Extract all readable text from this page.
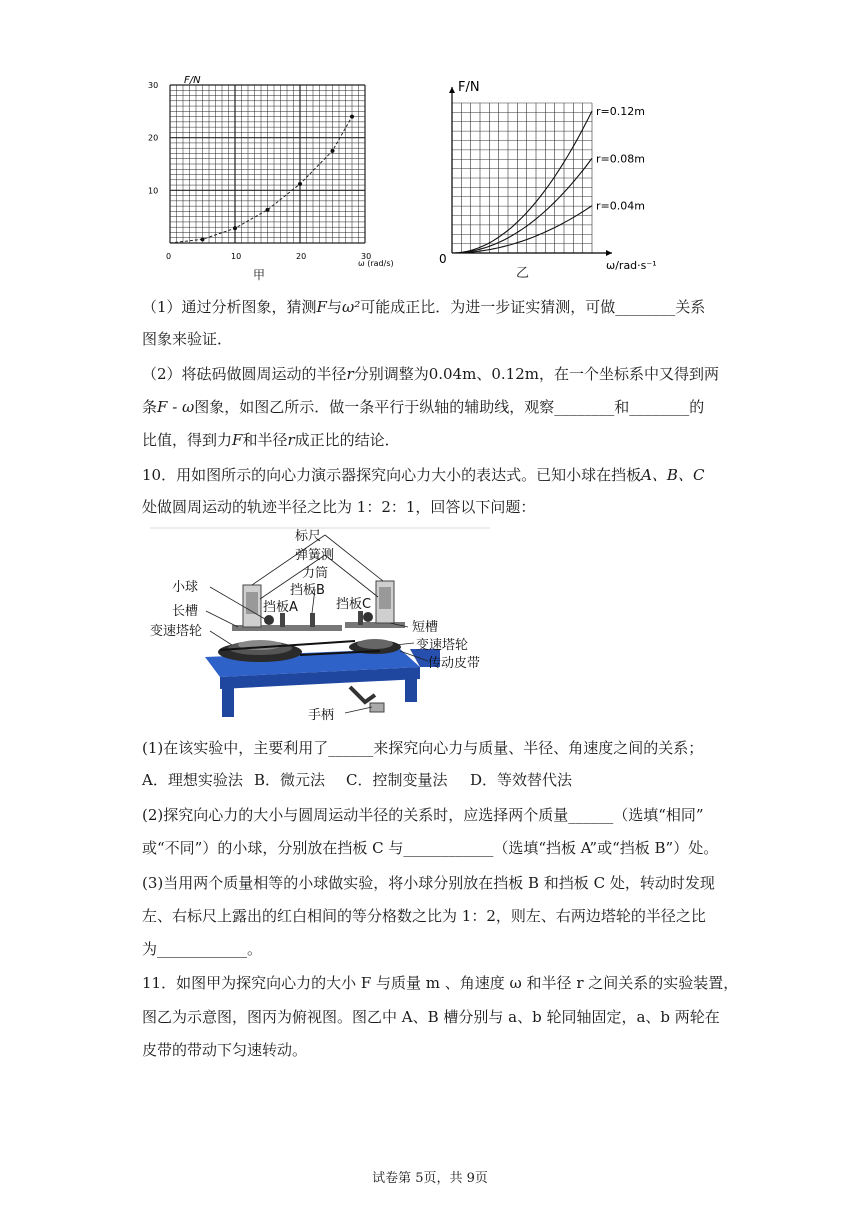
0	10	20	30
10
20
30	F/N
ω (rad/s)
甲
r=0.12m
r=0.08m
r=0.04m
F/N
0	ω/rad·s⁻¹
乙
（1）通过分析图象，猜测F与ω²可能成正比．为进一步证实猜测，可做________关系
图象来验证．
（2）将砝码做圆周运动的半径r分别调整为0.04m、0.12m，在一个坐标系中又得到两
条F - ω图象，如图乙所示．做一条平行于纵轴的辅助线，观察________和________的
比值，得到力F和半径r成正比的结论．
10．用如图所示的向心力演示器探究向心力大小的表达式。已知小球在挡板A、B、C
处做圆周运动的轨迹半径之比为 1：2：1，回答以下问题：
标尺
弹簧测
力筒
挡板B
小球
挡板A	挡板C
长槽
短槽
变速塔轮
变速塔轮
传动皮带
手柄
(1)在该实验中，主要利用了______来探究向心力与质量、半径、角速度之间的关系；
A．理想实验法 B．微元法 C．控制变量法 D．等效替代法
(2)探究向心力的大小与圆周运动半径的关系时，应选择两个质量______（选填“相同”
或“不同”）的小球，分别放在挡板 C 与____________（选填“挡板 A”或“挡板 B”）处。
(3)当用两个质量相等的小球做实验，将小球分别放在挡板 B 和挡板 C 处，转动时发现
左、右标尺上露出的红白相间的等分格数之比为 1：2，则左、右两边塔轮的半径之比
为____________。
11．如图甲为探究向心力的大小 F 与质量 m 、角速度 ω 和半径 r 之间关系的实验装置，
图乙为示意图，图丙为俯视图。图乙中 A、B 槽分别与 a、b 轮同轴固定，a、b 两轮在
皮带的带动下匀速转动。
试卷第 5页，共 9页
